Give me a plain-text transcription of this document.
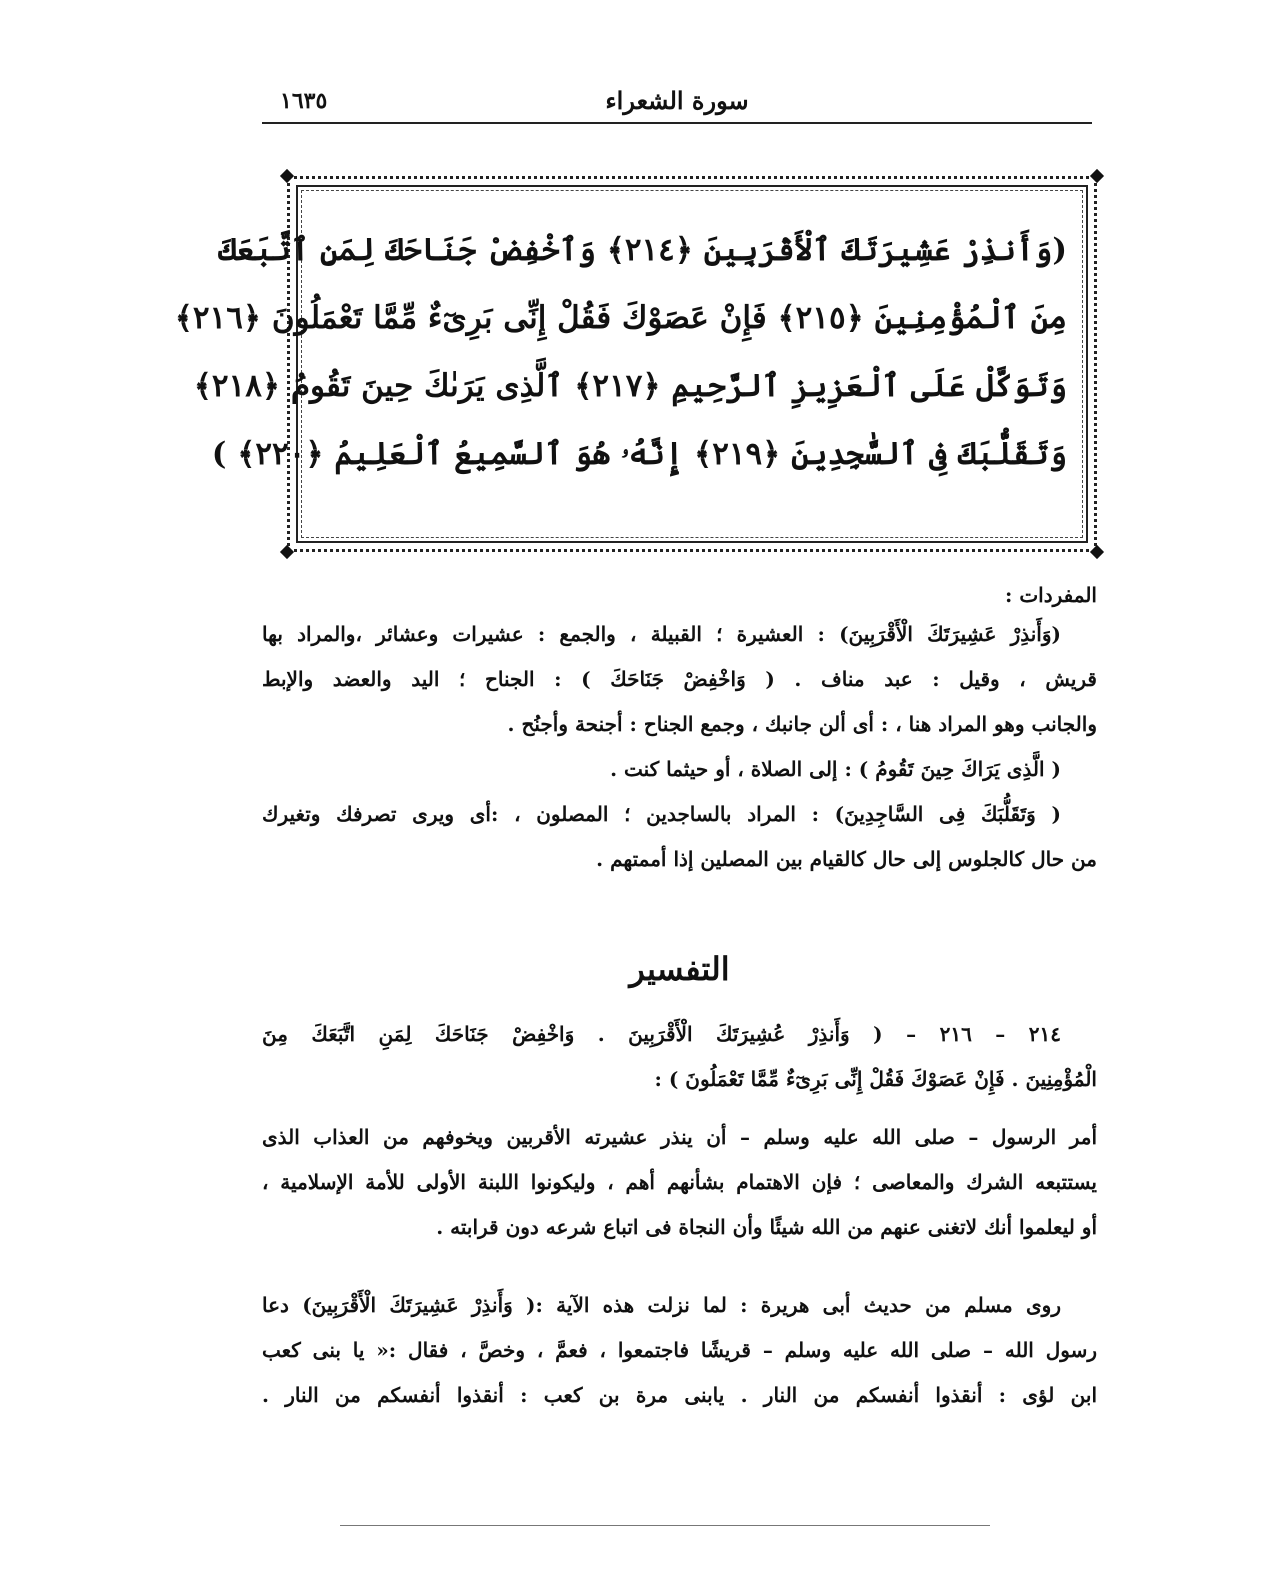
سورة الشعراء
١٦٣٥
(وَأَنذِرْ عَشِيرَتَكَ ٱلْأَقْرَبِينَ ﴿٢١٤﴾ وَٱخْفِضْ جَنَاحَكَ لِمَنِ ٱتَّبَعَكَ
مِنَ ٱلْمُؤْمِنِينَ ﴿٢١٥﴾ فَإِنْ عَصَوْكَ فَقُلْ إِنِّى بَرِىٓءٌ مِّمَّا تَعْمَلُونَ ﴿٢١٦﴾
وَتَوَكَّلْ عَلَى ٱلْعَزِيزِ ٱلرَّحِيمِ ﴿٢١٧﴾ ٱلَّذِى يَرَىٰكَ حِينَ تَقُومُ ﴿٢١٨﴾
وَتَقَلُّبَكَ فِى ٱلسَّٰجِدِينَ ﴿٢١٩﴾ إِنَّهُۥ هُوَ ٱلسَّمِيعُ ٱلْعَلِيمُ ﴿٢٢٠﴾ )
المفردات :
(وَأَنذِرْ عَشِيرَتَكَ الْأَقْرَبِينَ) : العشيرة ؛ القبيلة ، والجمع : عشيرات وعشائر ،والمراد بها
قريش ، وقيل : عبد مناف . ( وَاخْفِضْ جَنَاحَكَ ) : الجناح ؛ اليد والعضد والإبط
والجانب وهو المراد هنا ، : أى ألن جانبك ، وجمع الجناح : أجنحة وأجنُح .
( الَّذِى يَرَاكَ حِينَ تَقُومُ ) : إلى الصلاة ، أو حيثما كنت .
( وَتَقَلُّبَكَ فِى السَّاجِدِينَ) : المراد بالساجدين ؛ المصلون ، :أى ويرى تصرفك وتغيرك
من حال كالجلوس إلى حال كالقيام بين المصلين إذا أممتهم .
التفسير
٢١٤ – ٢١٦ – ( وَأَنذِرْ عُشِيرَتَكَ الْأَقْرَبِينَ . وَاخْفِضْ جَنَاحَكَ لِمَنِ اتَّبَعَكَ مِنَ
الْمُؤْمِنِينَ . فَإِنْ عَصَوْكَ فَقُلْ إِنِّى بَرِىٓءٌ مِّمَّا تَعْمَلُونَ ) :
أمر الرسول – صلى الله عليه وسلم – أن ينذر عشيرته الأقربين ويخوفهم من العذاب الذى
يستتبعه الشرك والمعاصى ؛ فإن الاهتمام بشأنهم أهم ، وليكونوا اللبنة الأولى للأمة الإسلامية ،
أو ليعلموا أنك لاتغنى عنهم من الله شيئًا وأن النجاة فى اتباع شرعه دون قرابته .
روى مسلم من حديث أبى هريرة : لما نزلت هذه الآية :( وَأَنذِرْ عَشِيرَتَكَ الْأَقْرَبِينَ) دعا
رسول الله – صلى الله عليه وسلم – قريشًا فاجتمعوا ، فعمَّ ، وخصَّ ، فقال :« يا بنى كعب
ابن لؤى : أنقذوا أنفسكم من النار . يابنى مرة بن كعب : أنقذوا أنفسكم من النار .
